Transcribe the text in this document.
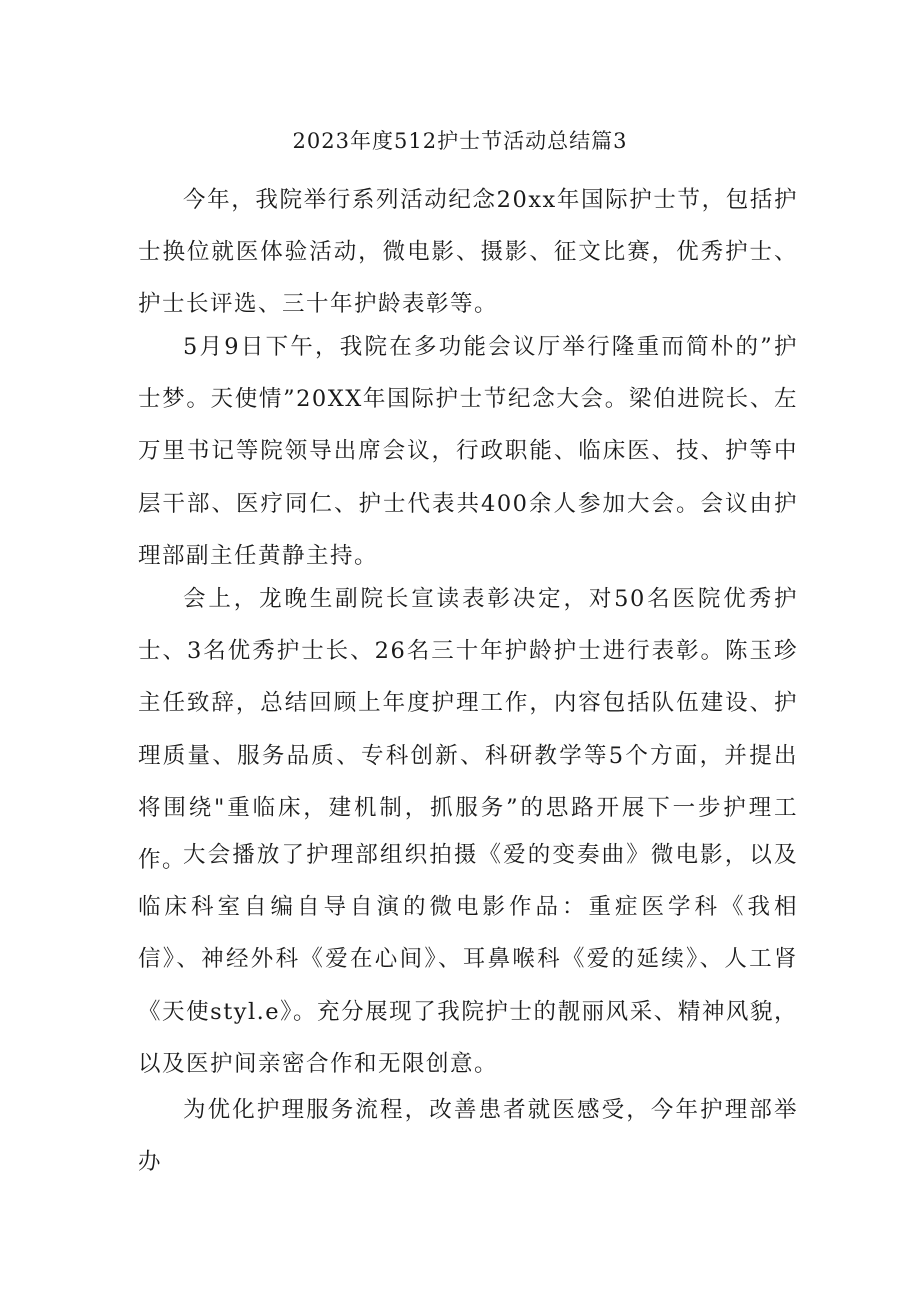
2023年度512护士节活动总结篇3

今年，我院举行系列活动纪念20xx年国际护士节，包括护士换位就医体验活动，微电影、摄影、征文比赛，优秀护士、护士长评选、三十年护龄表彰等。

5月9日下午，我院在多功能会议厅举行隆重而简朴的”护士梦。天使情”20XX年国际护士节纪念大会。梁伯进院长、左万里书记等院领导出席会议，行政职能、临床医、技、护等中层干部、医疗同仁、护士代表共400余人参加大会。会议由护理部副主任黄静主持。

会上，龙晚生副院长宣读表彰决定，对50名医院优秀护士、3名优秀护士长、26名三十年护龄护士进行表彰。陈玉珍主任致辞，总结回顾上年度护理工作，内容包括队伍建设、护理质量、服务品质、专科创新、科研教学等5个方面，并提出将围绕"重临床，建机制，抓服务”的思路开展下一步护理工作。

大会播放了护理部组织拍摄《爱的变奏曲》微电影，以及临床科室自编自导自演的微电影作品：重症医学科《我相信》、神经外科《爱在心间》、耳鼻喉科《爱的延续》、人工肾《天使styl.e》。充分展现了我院护士的靓丽风采、精神风貌，以及医护间亲密合作和无限创意。

为优化护理服务流程，改善患者就医感受，今年护理部举办
